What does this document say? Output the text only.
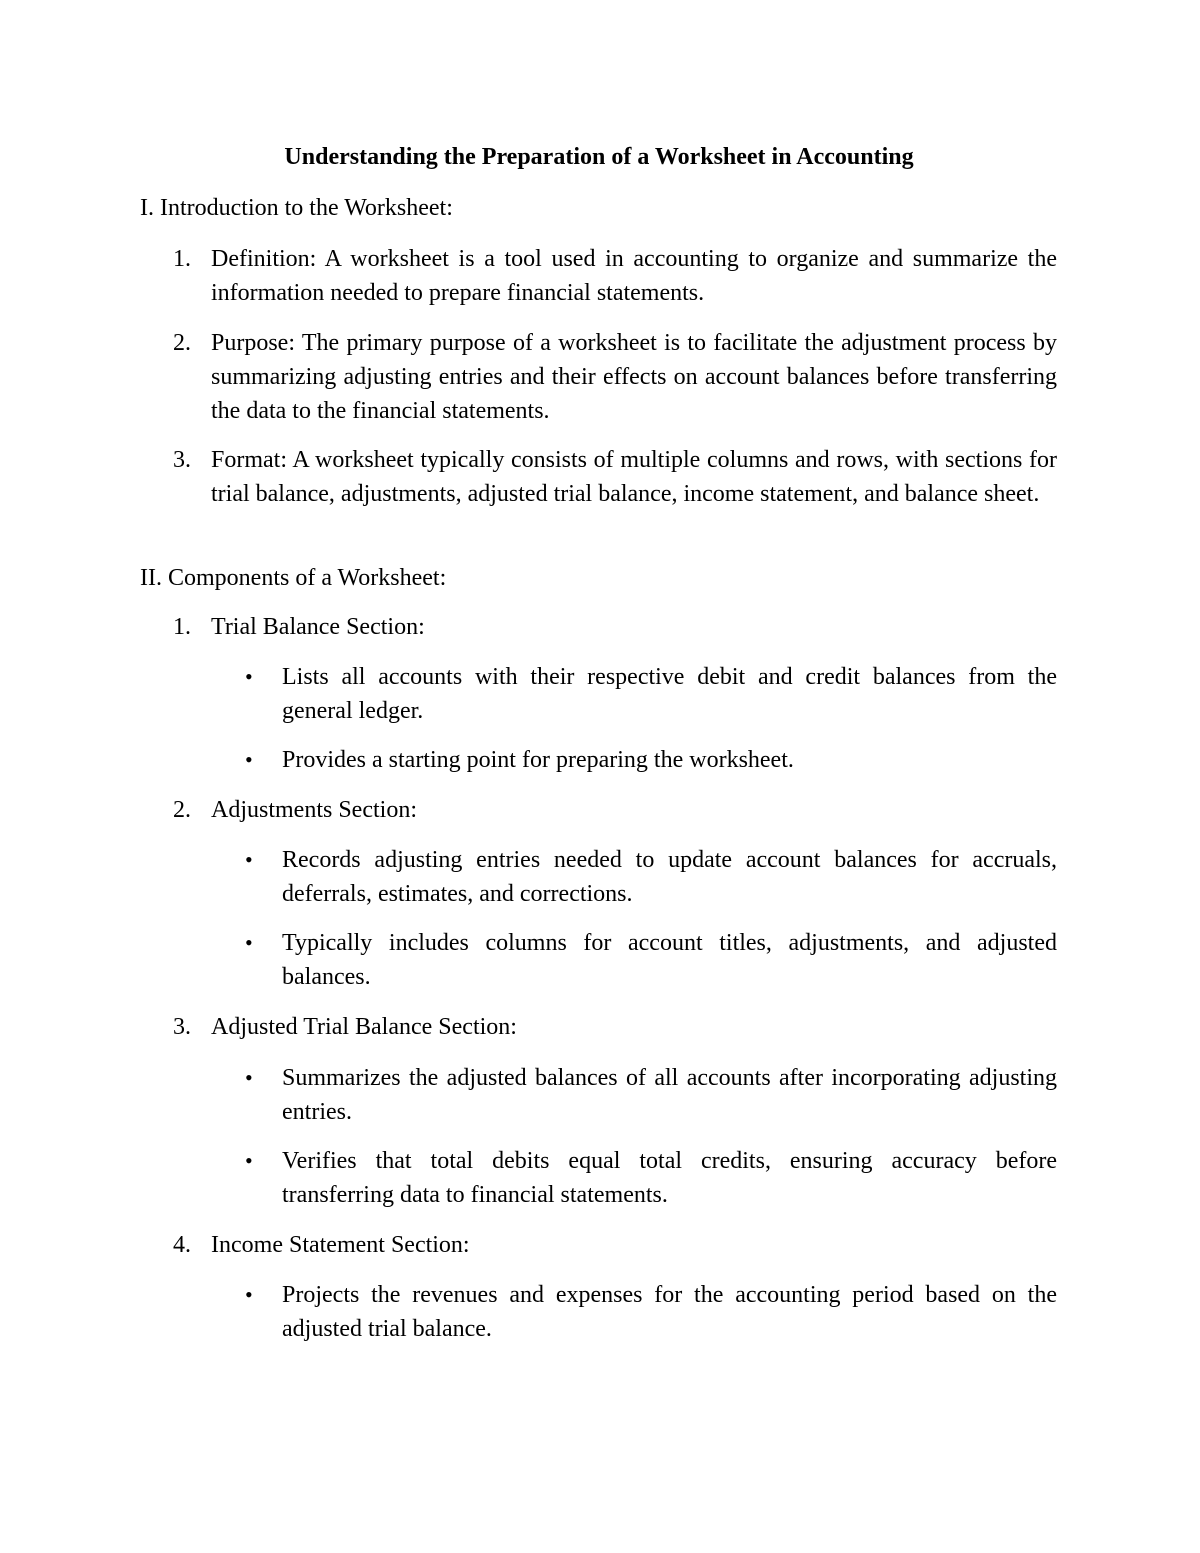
Understanding the Preparation of a Worksheet in Accounting
I. Introduction to the Worksheet:
1. Definition: A worksheet is a tool used in accounting to organize and summarize the information needed to prepare financial statements.
2. Purpose: The primary purpose of a worksheet is to facilitate the adjustment process by summarizing adjusting entries and their effects on account balances before transferring the data to the financial statements.
3. Format: A worksheet typically consists of multiple columns and rows, with sections for trial balance, adjustments, adjusted trial balance, income statement, and balance sheet.
II. Components of a Worksheet:
1. Trial Balance Section:
• Lists all accounts with their respective debit and credit balances from the general ledger.
• Provides a starting point for preparing the worksheet.
2. Adjustments Section:
• Records adjusting entries needed to update account balances for accruals, deferrals, estimates, and corrections.
• Typically includes columns for account titles, adjustments, and adjusted balances.
3. Adjusted Trial Balance Section:
• Summarizes the adjusted balances of all accounts after incorporating adjusting entries.
• Verifies that total debits equal total credits, ensuring accuracy before transferring data to financial statements.
4. Income Statement Section:
• Projects the revenues and expenses for the accounting period based on the adjusted trial balance.
